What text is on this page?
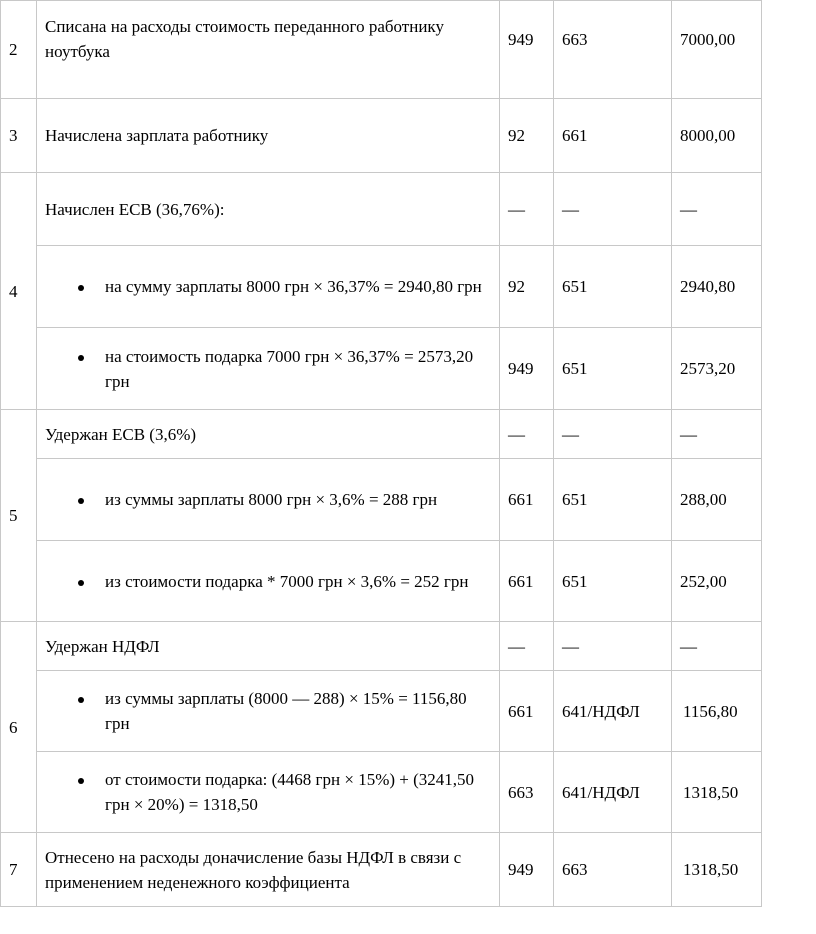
2	Списана на расходы стоимость переданного работнику ноутбука	949	663	7000,00
3	Начислена зарплата работнику	92	661	8000,00
4	Начислен ЕСВ (36,76%):	—	—	—

на сумму зарплаты 8000 грн × 36,37% = 2940,80 грн	92	651	2940,80

на стоимость подарка 7000 грн × 36,37% = 2573,20 грн	949	651	2573,20
5	Удержан ЕСВ (3,6%)	—	—	—

из суммы зарплаты 8000 грн × 3,6% = 288 грн	661	651	288,00

из стоимости подарка * 7000 грн × 3,6% = 252 грн	661	651	252,00
6	Удержан НДФЛ	—	—	—

из суммы зарплаты (8000 — 288) × 15% = 1156,80 грн	661	641/НДФЛ	1156,80

от стоимости подарка: (4468 грн × 15%) + (3241,50 грн × 20%) = 1318,50	663	641/НДФЛ	1318,50
7	Отнесено на расходы доначисление базы НДФЛ в связи с применением неденежного коэффициента	949	663	1318,50
